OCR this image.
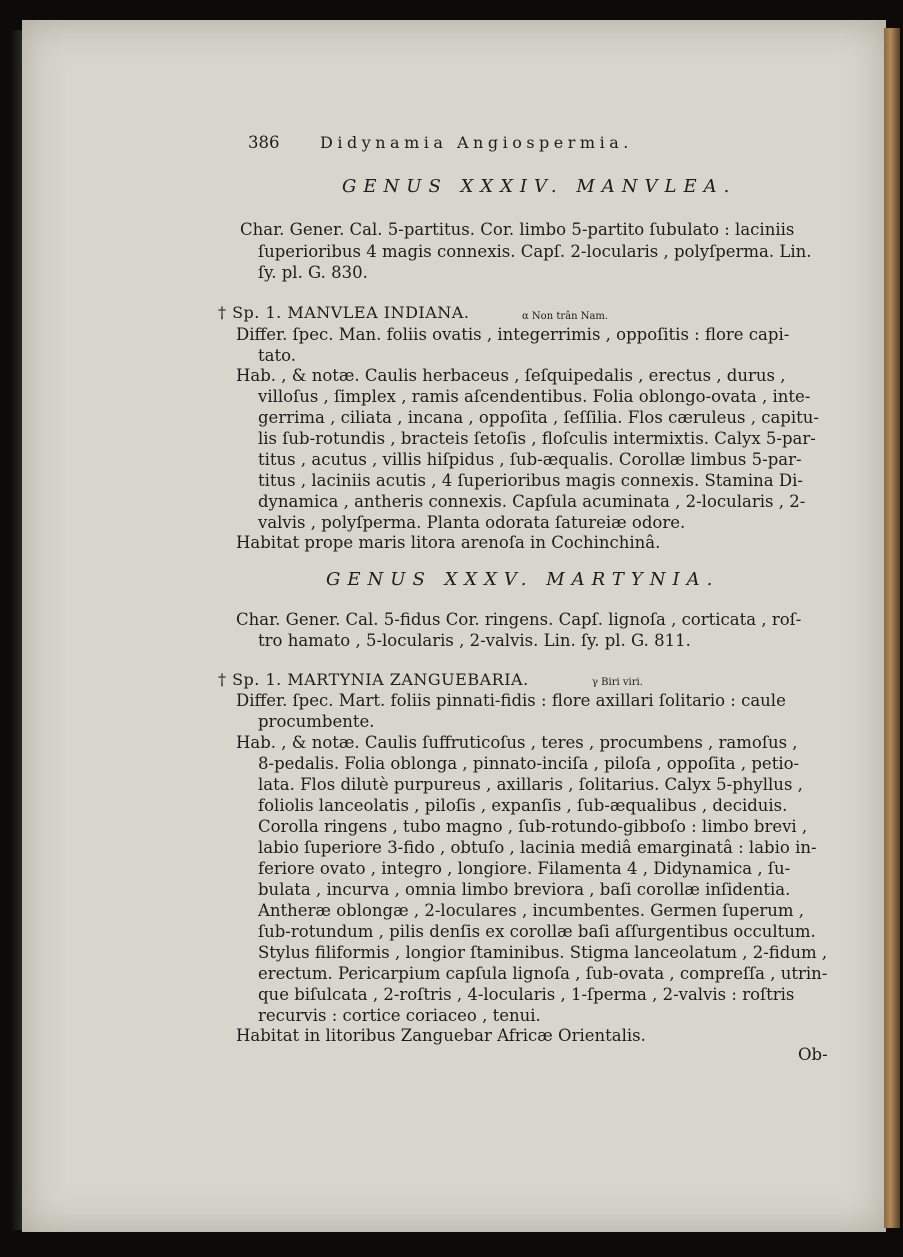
386	Didynamia Angiospermia.
GENUS XXXIV. MANVLEA.
Char. Gener. Cal. 5-partitus. Cor. limbo 5-partito ſubulato : laciniis
ſuperioribus 4 magis connexis. Capſ. 2-locularis , polyſperma. Lin.
ſy. pl. G. 830.
† Sp. 1. MANVLEA INDIANA.	α Non trân Nam.
Differ. ſpec. Man. foliis ovatis , integerrimis , oppoſitis : flore capi-
tato.
Hab. , & notæ. Caulis herbaceus , ſeſquipedalis , erectus , durus ,
villoſus , ſimplex , ramis aſcendentibus. Folia oblongo-ovata , inte-
gerrima , ciliata , incana , oppoſita , ſeſſilia. Flos cæruleus , capitu-
lis ſub-rotundis , bracteis ſetoſis , floſculis intermixtis. Calyx 5-par-
titus , acutus , villis hiſpidus , ſub-æqualis. Corollæ limbus 5-par-
titus , laciniis acutis , 4 ſuperioribus magis connexis. Stamina Di-
dynamica , antheris connexis. Capſula acuminata , 2-locularis , 2-
valvis , polyſperma. Planta odorata ſatureiæ odore.
Habitat prope maris litora arenoſa in Cochinchinâ.
GENUS XXXV. MARTYNIA.
Char. Gener. Cal. 5-fidus Cor. ringens. Capſ. lignoſa , corticata , roſ-
tro hamato , 5-locularis , 2-valvis. Lin. ſy. pl. G. 811.
† Sp. 1. MARTYNIA ZANGUEBARIA.	γ Biri viri.
Differ. ſpec. Mart. foliis pinnati-fidis : flore axillari ſolitario : caule
procumbente.
Hab. , & notæ. Caulis ſuffruticoſus , teres , procumbens , ramoſus ,
8-pedalis. Folia oblonga , pinnato-inciſa , piloſa , oppoſita , petio-
lata. Flos dilutè purpureus , axillaris , ſolitarius. Calyx 5-phyllus ,
foliolis lanceolatis , piloſis , expanſis , ſub-æqualibus , deciduis.
Corolla ringens , tubo magno , ſub-rotundo-gibboſo : limbo brevi ,
labio ſuperiore 3-fido , obtuſo , lacinia mediâ emarginatâ : labio in-
feriore ovato , integro , longiore. Filamenta 4 , Didynamica , ſu-
bulata , incurva , omnia limbo breviora , baſi corollæ inſidentia.
Antheræ oblongæ , 2-loculares , incumbentes. Germen ſuperum ,
ſub-rotundum , pilis denſis ex corollæ baſi aſſurgentibus occultum.
Stylus filiformis , longior ſtaminibus. Stigma lanceolatum , 2-fidum ,
erectum. Pericarpium capſula lignoſa , ſub-ovata , compreſſa , utrin-
que biſulcata , 2-roſtris , 4-locularis , 1-ſperma , 2-valvis : roſtris
recurvis : cortice coriaceo , tenui.
Habitat in litoribus Zanguebar Africæ Orientalis.
Ob-
